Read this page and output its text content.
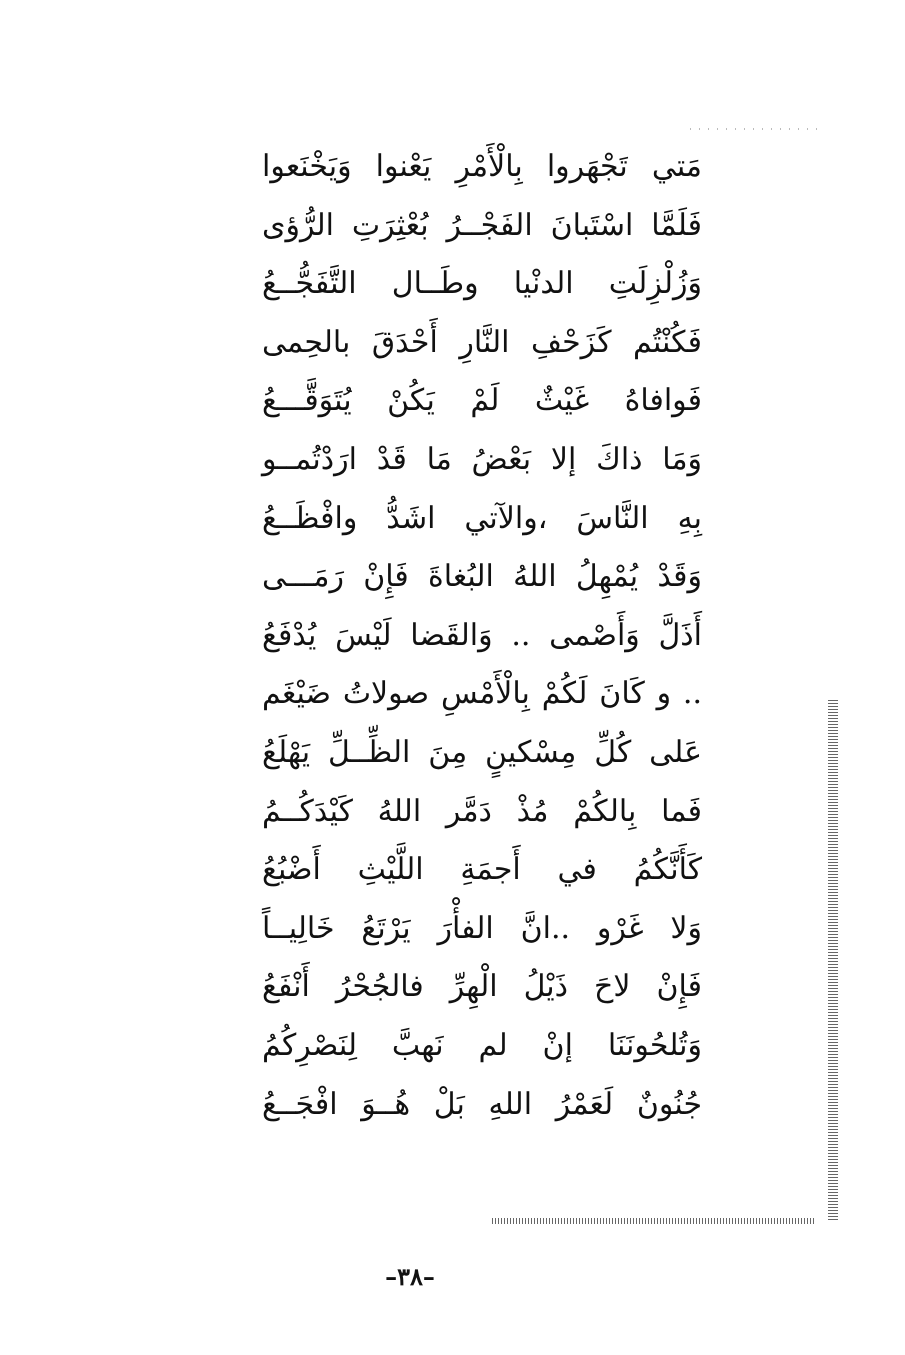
مَتي تَجْهَروا بِالْأَمْرِ يَعْنوا وَيَخْنَعوا
فَلَمَّا اسْتَبانَ الفَجْــرُ بُعْثِرَتِ الرُّؤى
وَزُلْزِلَتِ الدنْيا وطَــال التَّفَجُّــعُ
فَكُنْتُم كَزَحْفِ النَّارِ أَحْدَقَ بالحِمى
فَوافاهُ غَيْثٌ لَمْ يَكُنْ يُتَوَقَّـــعُ
وَمَا ذاكَ إلا بَعْضُ مَا قَدْ ارَدْتُمــو
بِهِ النَّاسَ ،والآتي اشَدُّ وافْظَــعُ
وَقَدْ يُمْهِلُ اللهُ البُغاةَ فَإِنْ رَمَـــى
أَذَلَّ وَأَصْمى .. وَالقَضا لَيْسَ يُدْفَعُ
.. و كَانَ لَكُمْ بِالْأَمْسِ صولاتُ ضَيْغَم
عَلى كُلِّ مِسْكينٍ مِنَ الظِّــلِّ يَهْلَعُ
فَما بِالكُمْ مُذْ دَمَّر اللهُ كَيْدَكُــمُ
كَأَنَّكُمُ في أَجمَةِ اللَّيْثِ أَضْبُعُ
وَلا غَرْو ..انَّ الفأْرَ يَرْتَعُ خَالِيــاً
فَإِنْ لاحَ ذَيْلُ الْهِرِّ فالجُحْرُ أَنْفَعُ
وَتُلحُونَنَا إنْ لم نَهبَّ لِنَصْرِكُمُ
جُنُونٌ لَعَمْرُ اللهِ بَلْ هُــوَ افْجَــعُ
–٣٨–
